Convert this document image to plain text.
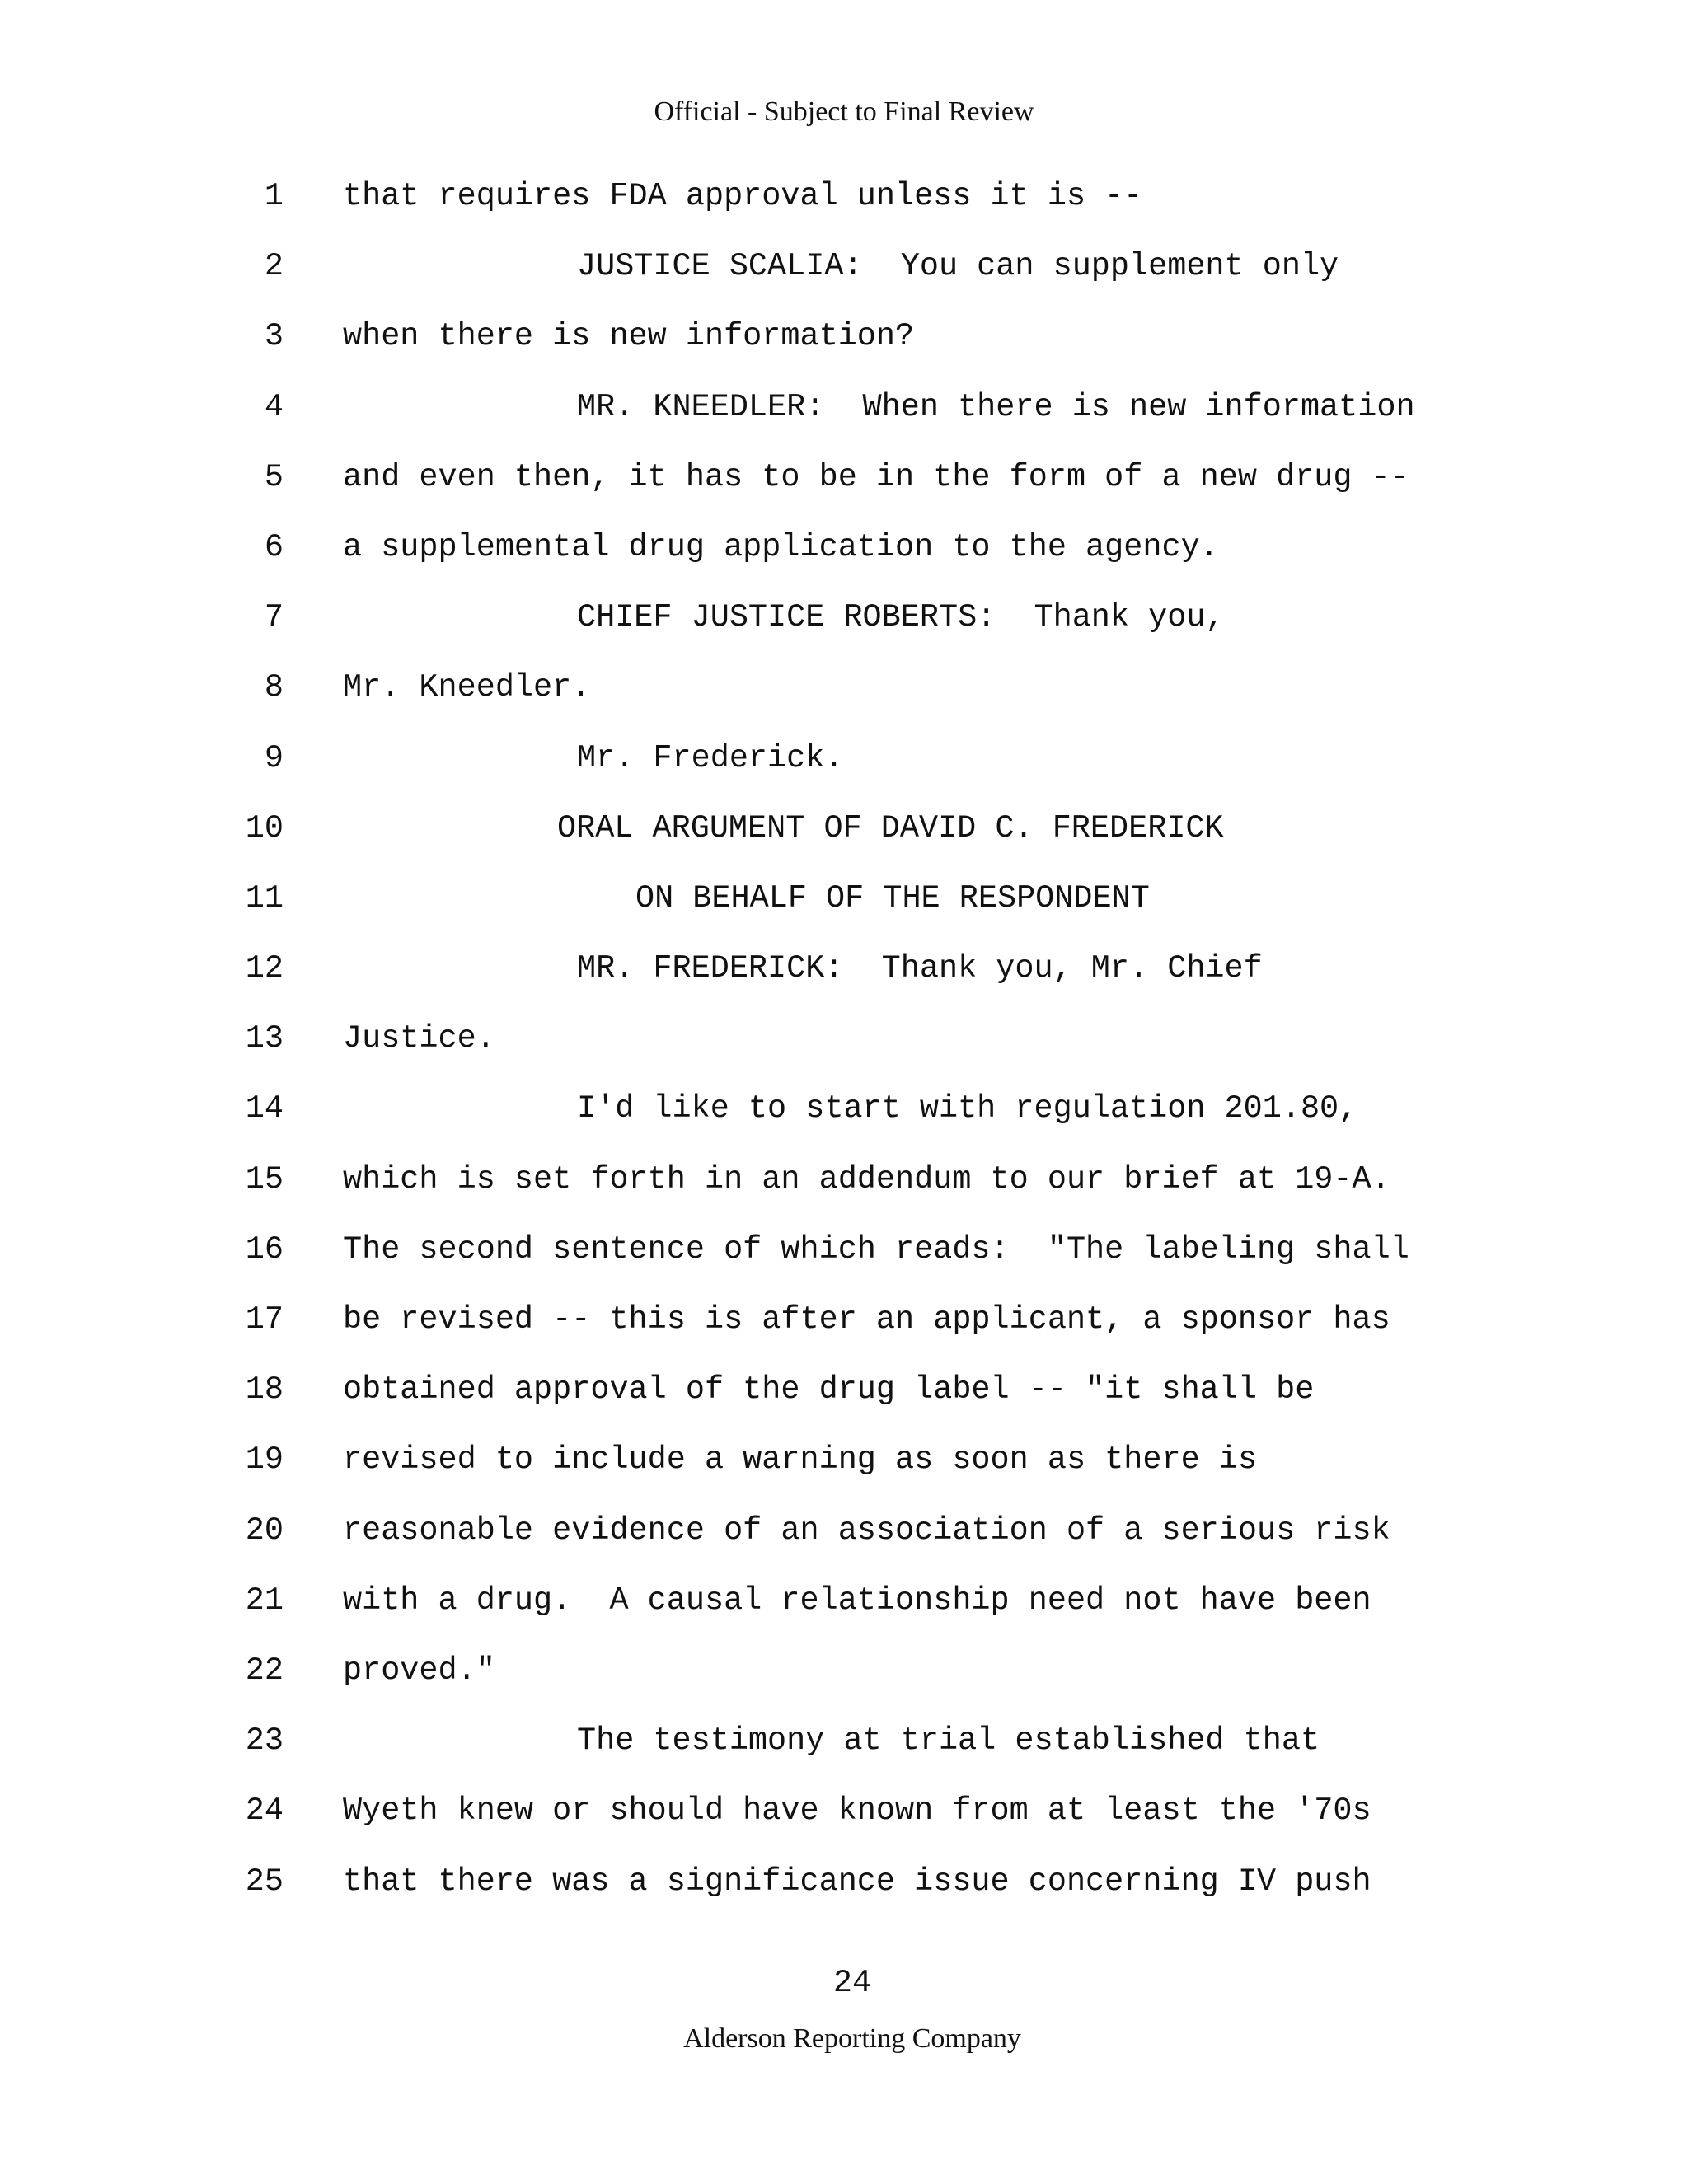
Official - Subject to Final Review
1 that requires FDA approval unless it is --
2	JUSTICE SCALIA:  You can supplement only
3 when there is new information?
4	MR. KNEEDLER:  When there is new information
5 and even then, it has to be in the form of a new drug --
6 a supplemental drug application to the agency.
7	CHIEF JUSTICE ROBERTS:  Thank you,
8 Mr. Kneedler.
9	Mr. Frederick.
10	ORAL ARGUMENT OF DAVID C. FREDERICK
11	ON BEHALF OF THE RESPONDENT
12	MR. FREDERICK:  Thank you, Mr. Chief
13 Justice.
14	I'd like to start with regulation 201.80,
15 which is set forth in an addendum to our brief at 19-A.
16 The second sentence of which reads:  "The labeling shall
17 be revised -- this is after an applicant, a sponsor has
18 obtained approval of the drug label -- "it shall be
19 revised to include a warning as soon as there is
20 reasonable evidence of an association of a serious risk
21 with a drug.  A causal relationship need not have been
22 proved."
23	The testimony at trial established that
24 Wyeth knew or should have known from at least the '70s
25 that there was a significance issue concerning IV push
24
Alderson Reporting Company
